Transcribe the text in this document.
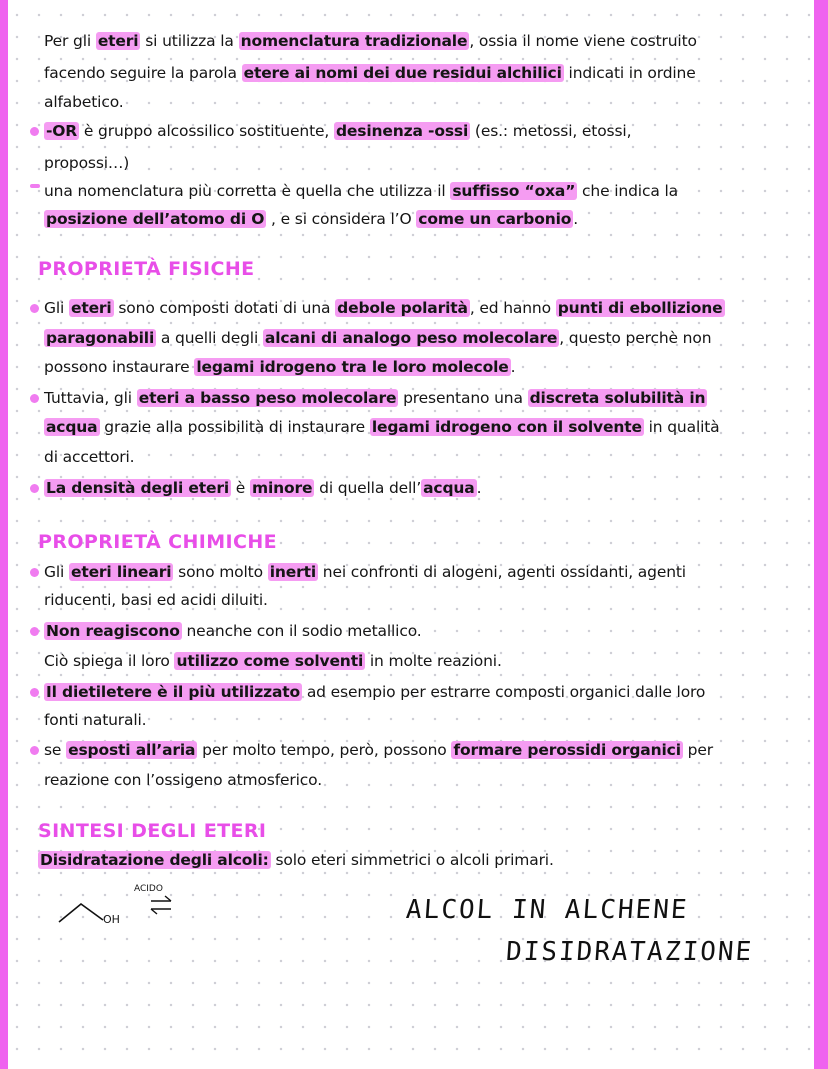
Per gli eteri si utilizza la nomenclatura tradizionale , ossia il nome viene costruito
facendo seguire la parola etere ai nomi dei due residui alchilici indicati in ordine
alfabetico.
-OR è gruppo alcossilico sostituente, desinenza -ossi (es.: metossi, etossi,
propossi…)
una nomenclatura più corretta è quella che utilizza il suffisso “oxa” che indica la
posizione dell’atomo di O , e si considera l’O come un carbonio .
PROPRIETÀ FISICHE
Gli eteri sono composti dotati di una debole polarità , ed hanno punti di ebollizione
paragonabili a quelli degli alcani di analogo peso molecolare , questo perchè non
possono instaurare legami idrogeno tra le loro molecole .
Tuttavia, gli eteri a basso peso molecolare presentano una discreta solubilità in
acqua grazie alla possibilità di instaurare legami idrogeno con il solvente in qualità
di accettori.
La densità degli eteri è minore di quella dell’ acqua .
PROPRIETÀ CHIMICHE
Gli eteri lineari sono molto inerti nei confronti di alogeni, agenti ossidanti, agenti
riducenti, basi ed acidi diluiti.
Non reagiscono neanche con il sodio metallico.
Ciò spiega il loro utilizzo come solventi in molte reazioni.
Il dietiletere è il più utilizzato ad esempio per estrarre composti organici dalle loro
fonti naturali.
se esposti all’aria per molto tempo, però, possono formare perossidi organici per
reazione con l’ossigeno atmosferico.
SINTESI DEGLI ETERI
Disidratazione degli alcoli: solo eteri simmetrici o alcoli primari.
OH
ACIDO
ALCOL IN ALCHENE
DISIDRATAZIONE
